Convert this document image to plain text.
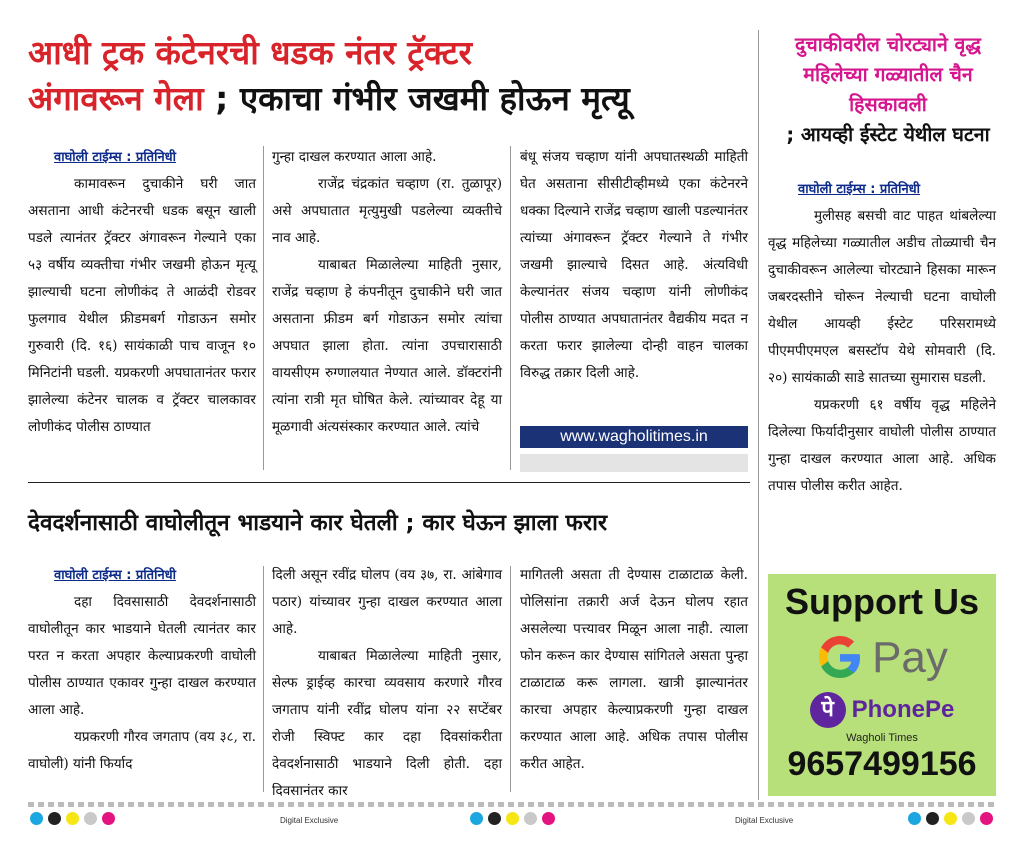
आधी ट्रक कंटेनरची धडक नंतर ट्रॅक्टर
अंगावरून गेला ; एकाचा गंभीर जखमी होऊन मृत्यू
वाघोली टाईम्स : प्रतिनिधी

कामावरून दुचाकीने घरी जात असताना आधी कंटेनरची धडक बसून खाली पडले त्यानंतर ट्रॅक्टर अंगावरून गेल्याने एका ५३ वर्षीय व्यक्तीचा गंभीर जखमी होऊन मृत्यू झाल्याची घटना लोणीकंद ते आळंदी रोडवर फुलगाव येथील फ्रीडमबर्ग गोडाऊन समोर गुरुवारी (दि. १६) सायंकाळी पाच वाजून १० मिनिटांनी घडली. यप्रकरणी अपघातानंतर फरार झालेल्या कंटेनर चालक व ट्रॅक्टर चालकावर लोणीकंद पोलीस ठाण्यात

गुन्हा दाखल करण्यात आला आहे.

राजेंद्र चंद्रकांत चव्हाण (रा. तुळापूर) असे अपघातात मृत्युमुखी पडलेल्या व्यक्तीचे नाव आहे.

याबाबत मिळालेल्या माहिती नुसार, राजेंद्र चव्हाण हे कंपनीतून दुचाकीने घरी जात असताना फ्रीडम बर्ग गोडाऊन समोर त्यांचा अपघात झाला होता. त्यांना उपचारासाठी वायसीएम रुग्णालयात नेण्यात आले. डॉक्टरांनी त्यांना रात्री मृत घोषित केले. त्यांच्यावर देहू या मूळगावी अंत्यसंस्कार करण्यात आले. त्यांचे

बंधू संजय चव्हाण यांनी अपघातस्थळी माहिती घेत असताना सीसीटीव्हीमध्ये एका कंटेनरने धक्का दिल्याने राजेंद्र चव्हाण खाली पडल्यानंतर त्यांच्या अंगावरून ट्रॅक्टर गेल्याने ते गंभीर जखमी झाल्याचे दिसत आहे. अंत्यविधी केल्यानंतर संजय चव्हाण यांनी लोणीकंद पोलीस ठाण्यात अपघातानंतर वैद्यकीय मदत न करता फरार झालेल्या दोन्ही वाहन चालका विरुद्ध तक्रार दिली आहे.

www.wagholitimes.in
दुचाकीवरील चोरट्याने वृद्ध महिलेच्या गळ्यातील चैन हिसकावली
; आयव्ही ईस्टेट येथील घटना
वाघोली टाईम्स : प्रतिनिधी

मुलीसह बसची वाट पाहत थांबलेल्या वृद्ध महिलेच्या गळ्यातील अडीच तोळ्याची चैन दुचाकीवरून आलेल्या चोरट्याने हिसका मारून जबरदस्तीने चोरून नेल्याची घटना वाघोली येथील आयव्ही ईस्टेट परिसरामध्ये पीएमपीएमएल बसस्टॉप येथे सोमवारी (दि. २०) सायंकाळी साडे सातच्या सुमारास घडली.

यप्रकरणी ६१ वर्षीय वृद्ध महिलेने दिलेल्या फिर्यादीनुसार वाघोली पोलीस ठाण्यात गुन्हा दाखल करण्यात आला आहे. अधिक तपास पोलीस करीत आहेत.

देवदर्शनासाठी वाघोलीतून भाडयाने कार घेतली ; कार घेऊन झाला फरार
वाघोली टाईम्स : प्रतिनिधी

दहा दिवसासाठी देवदर्शनासाठी वाघोलीतून कार भाडयाने घेतली त्यानंतर कार परत न करता अपहार केल्याप्रकरणी वाघोली पोलीस ठाण्यात एकावर गुन्हा दाखल करण्यात आला आहे.

यप्रकरणी गौरव जगताप (वय ३८, रा. वाघोली) यांनी फिर्याद

दिली असून रवींद्र घोलप (वय ३७, रा. आंबेगाव पठार) यांच्यावर गुन्हा दाखल करण्यात आला आहे.

याबाबत मिळालेल्या माहिती नुसार, सेल्फ ड्राईव्ह कारचा व्यवसाय करणारे गौरव जगताप यांनी रवींद्र घोलप यांना २२ सप्टेंबर रोजी स्विफ्ट कार दहा दिवसांकरीता देवदर्शनासाठी भाडयाने दिली होती. दहा दिवसानंतर कार

मागितली असता ती देण्यास टाळाटाळ केली. पोलिसांना तक्रारी अर्ज देऊन घोलप रहात असलेल्या पत्त्यावर मिळून आला नाही. त्याला फोन करून कार देण्यास सांगितले असता पुन्हा टाळाटाळ करू लागला. खात्री झाल्यानंतर कारचा अपहार केल्याप्रकरणी गुन्हा दाखल करण्यात आला आहे. अधिक तपास पोलीस करीत आहेत.

Support Us
Pay
पे PhonePe
Wagholi Times
9657499156
Digital Exclusive	Digital Exclusive
